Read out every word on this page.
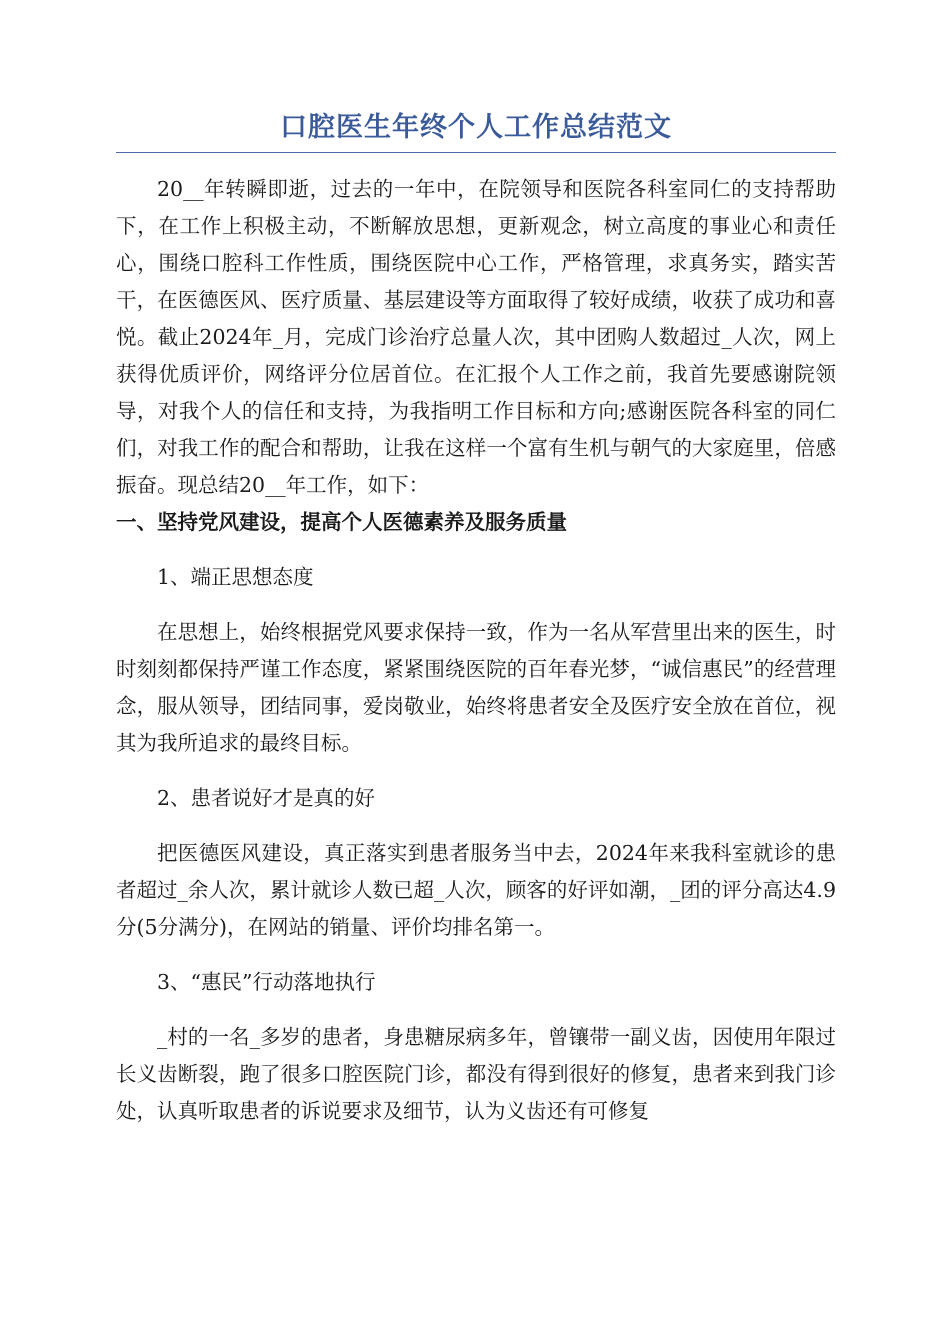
口腔医生年终个人工作总结范文

20__年转瞬即逝，过去的一年中，在院领导和医院各科室同仁的支持帮助下，在工作上积极主动，不断解放思想，更新观念，树立高度的事业心和责任心，围绕口腔科工作性质，围绕医院中心工作，严格管理，求真务实，踏实苦干，在医德医风、医疗质量、基层建设等方面取得了较好成绩，收获了成功和喜悦。截止2024年_月，完成门诊治疗总量人次，其中团购人数超过_人次，网上获得优质评价，网络评分位居首位。在汇报个人工作之前，我首先要感谢院领导，对我个人的信任和支持，为我指明工作目标和方向;感谢医院各科室的同仁们，对我工作的配合和帮助，让我在这样一个富有生机与朝气的大家庭里，倍感振奋。现总结20__年工作，如下：

一、坚持党风建设，提高个人医德素养及服务质量

1、端正思想态度

在思想上，始终根据党风要求保持一致，作为一名从军营里出来的医生，时时刻刻都保持严谨工作态度，紧紧围绕医院的百年春光梦，“诚信惠民”的经营理念，服从领导，团结同事，爱岗敬业，始终将患者安全及医疗安全放在首位，视其为我所追求的最终目标。

2、患者说好才是真的好

把医德医风建设，真正落实到患者服务当中去，2024年来我科室就诊的患者超过_余人次，累计就诊人数已超_人次，顾客的好评如潮，_团的评分高达4.9分(5分满分)，在网站的销量、评价均排名第一。

3、“惠民”行动落地执行

_村的一名_多岁的患者，身患糖尿病多年，曾镶带一副义齿，因使用年限过长义齿断裂，跑了很多口腔医院门诊，都没有得到很好的修复，患者来到我门诊处，认真听取患者的诉说要求及细节，认为义齿还有可修复
